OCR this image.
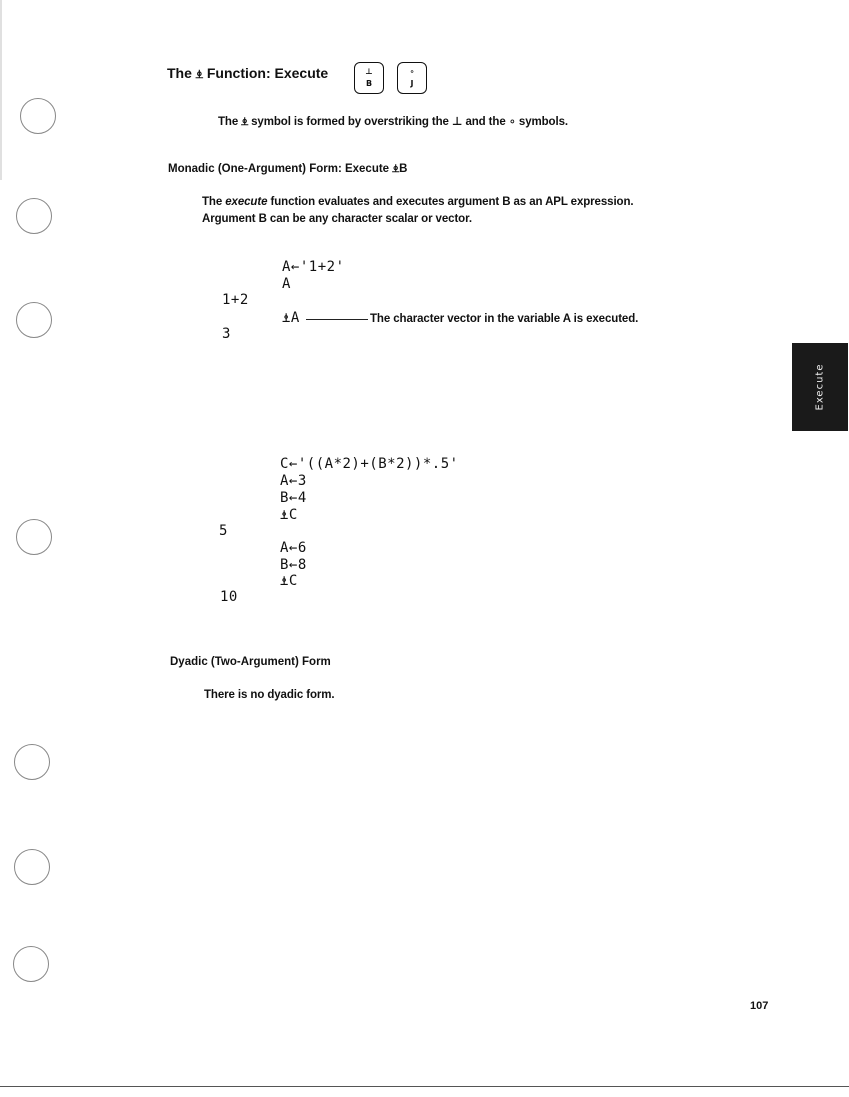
The ⍎ Function: Execute	⊥
B
∘
J
The ⍎ symbol is formed by overstriking the ⊥ and the ∘ symbols.
Monadic (One-Argument) Form: Execute ⍎B
The execute function evaluates and executes argument B as an APL expression.
Argument B can be any character scalar or vector.
A←'1+2'
A
1+2
⍎A	The character vector in the variable A is executed.
3
Execute
C←'((A*2)+(B*2))*.5'
A←3
B←4
⍎C
5
A←6
B←8
⍎C
10
Dyadic (Two-Argument) Form
There is no dyadic form.
107
